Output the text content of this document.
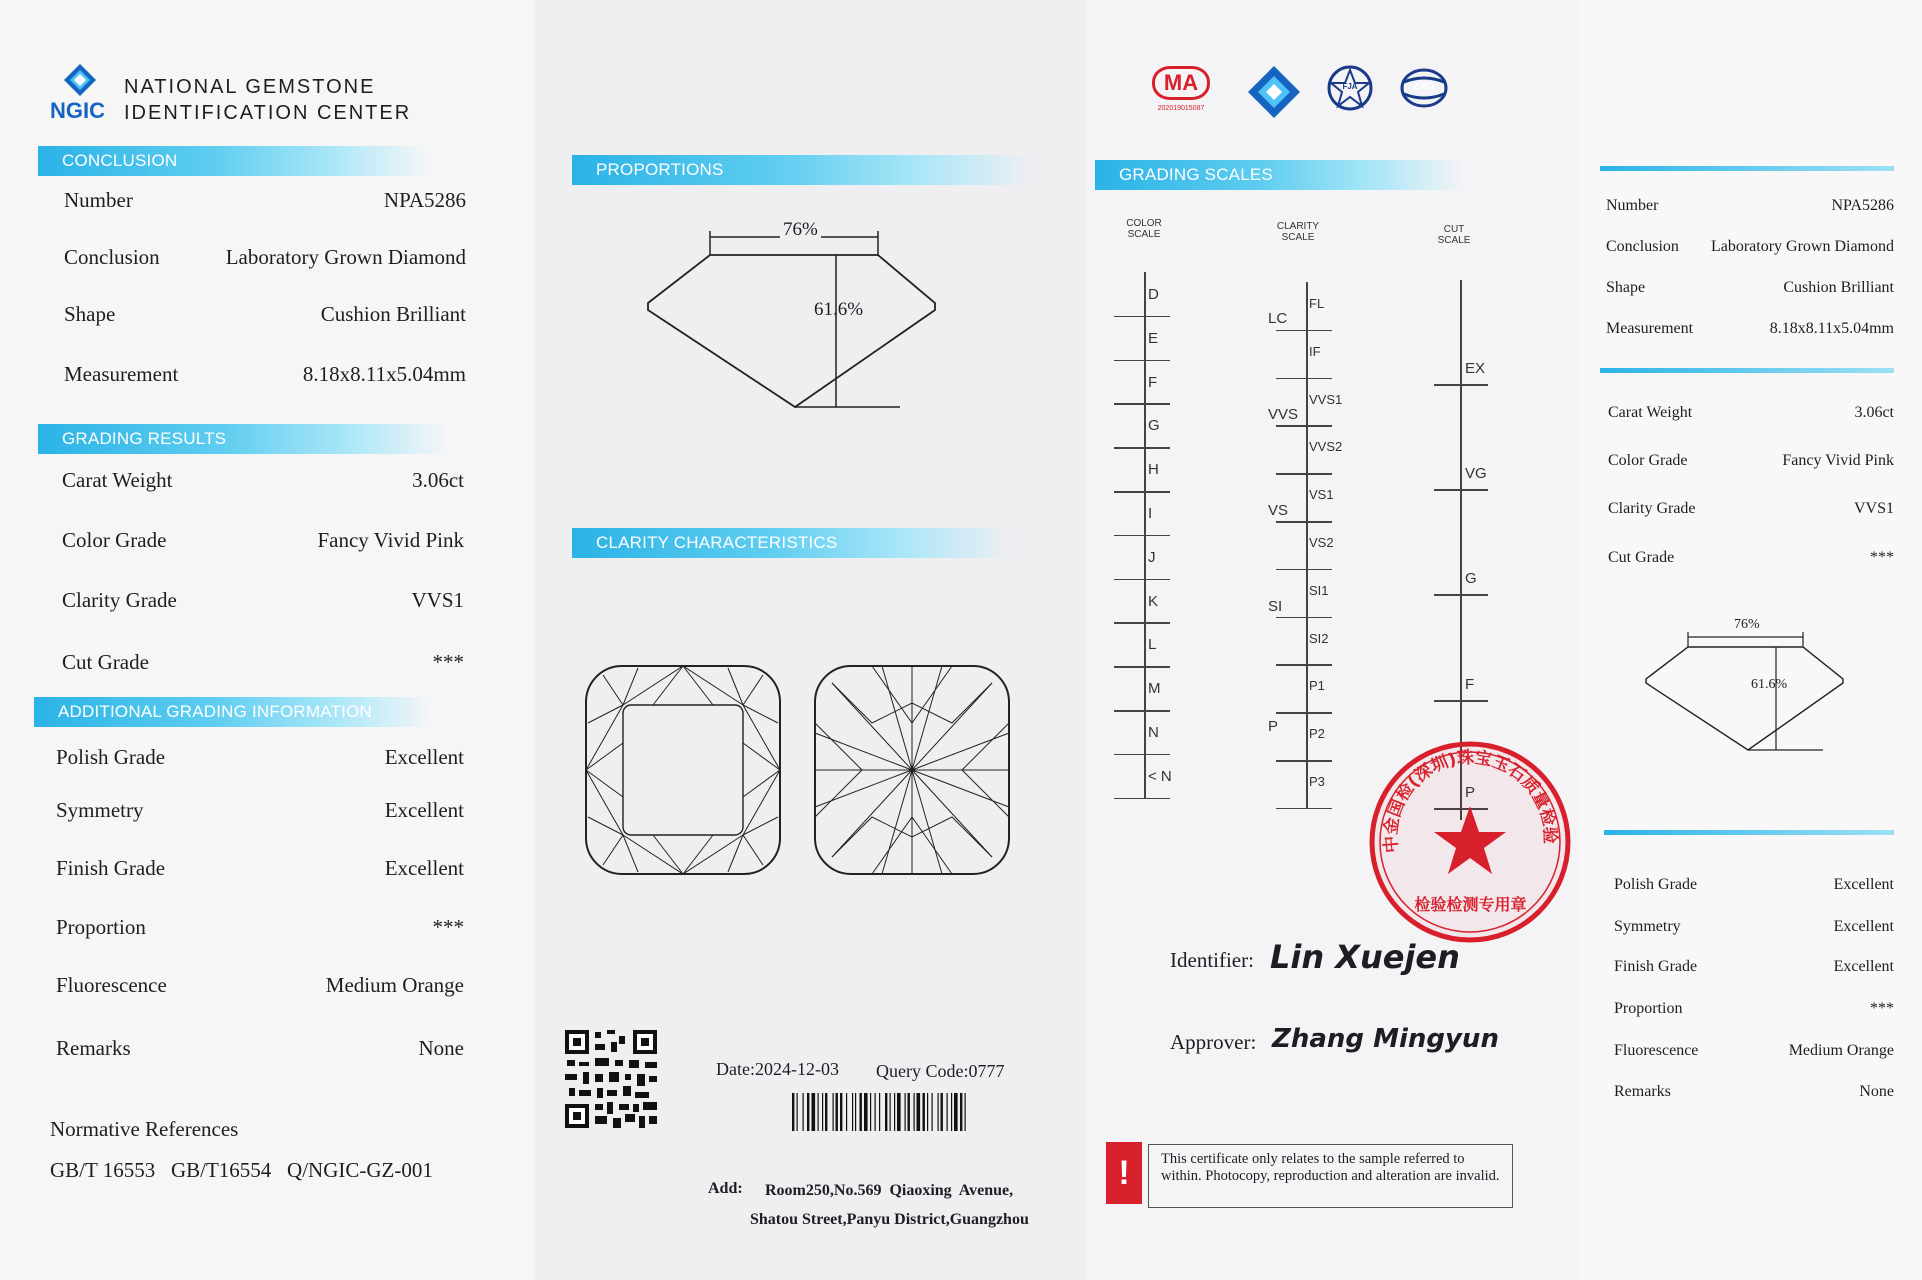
NGIC
NATIONAL GEMSTONE
IDENTIFICATION CENTER
CONCLUSION
Number	NPA5286
Conclusion	Laboratory Grown Diamond
Shape	Cushion Brilliant
Measurement	8.18x8.11x5.04mm
GRADING RESULTS
Carat Weight	3.06ct
Color Grade	Fancy Vivid Pink
Clarity Grade	VVS1
Cut Grade	***
ADDITIONAL GRADING INFORMATION
Polish Grade	Excellent
Symmetry	Excellent
Finish Grade	Excellent
Proportion	***
Fluorescence	Medium Orange
Remarks	None
Normative References
GB/T 16553   GB/T16554   Q/NGIC-GZ-001
PROPORTIONS
76%
61.6%
CLARITY CHARACTERISTICS
Date:2024-12-03 Query Code:0777
Add: Room250,No.569  Qiaoxing  Avenue,
Shatou Street,Panyu District,Guangzhou
MA
202019015087
FJA	ZJGJ
GRADING SCALES
COLOR SCALE
CLARITY SCALE
CUT SCALE
D
E
F
G
H
I
J
K
L
M
N
< N
FL
IF
VVS1
VVS2
VS1
VS2
SI1
SI2
P1
P2
P3
LC
VVS
VS
SI
P
EX
VG
G
F
中金国检(深圳)珠宝玉石质量检验
检验检测专用章
Identifier: Lin Xuejen
Approver: Zhang Mingyun
!	This certificate only relates to the sample referred to within. Photocopy, reproduction and alteration are invalid.
Number	NPA5286
Conclusion Laboratory Grown Diamond
Shape	Cushion Brilliant
Measurement	8.18x8.11x5.04mm
Carat Weight	3.06ct
Color Grade	Fancy Vivid Pink
Clarity Grade	VVS1
Cut Grade	***
76%
61.6%
Polish Grade	Excellent
Symmetry	Excellent
Finish Grade	Excellent
Proportion	***
Fluorescence	Medium Orange
Remarks	None
